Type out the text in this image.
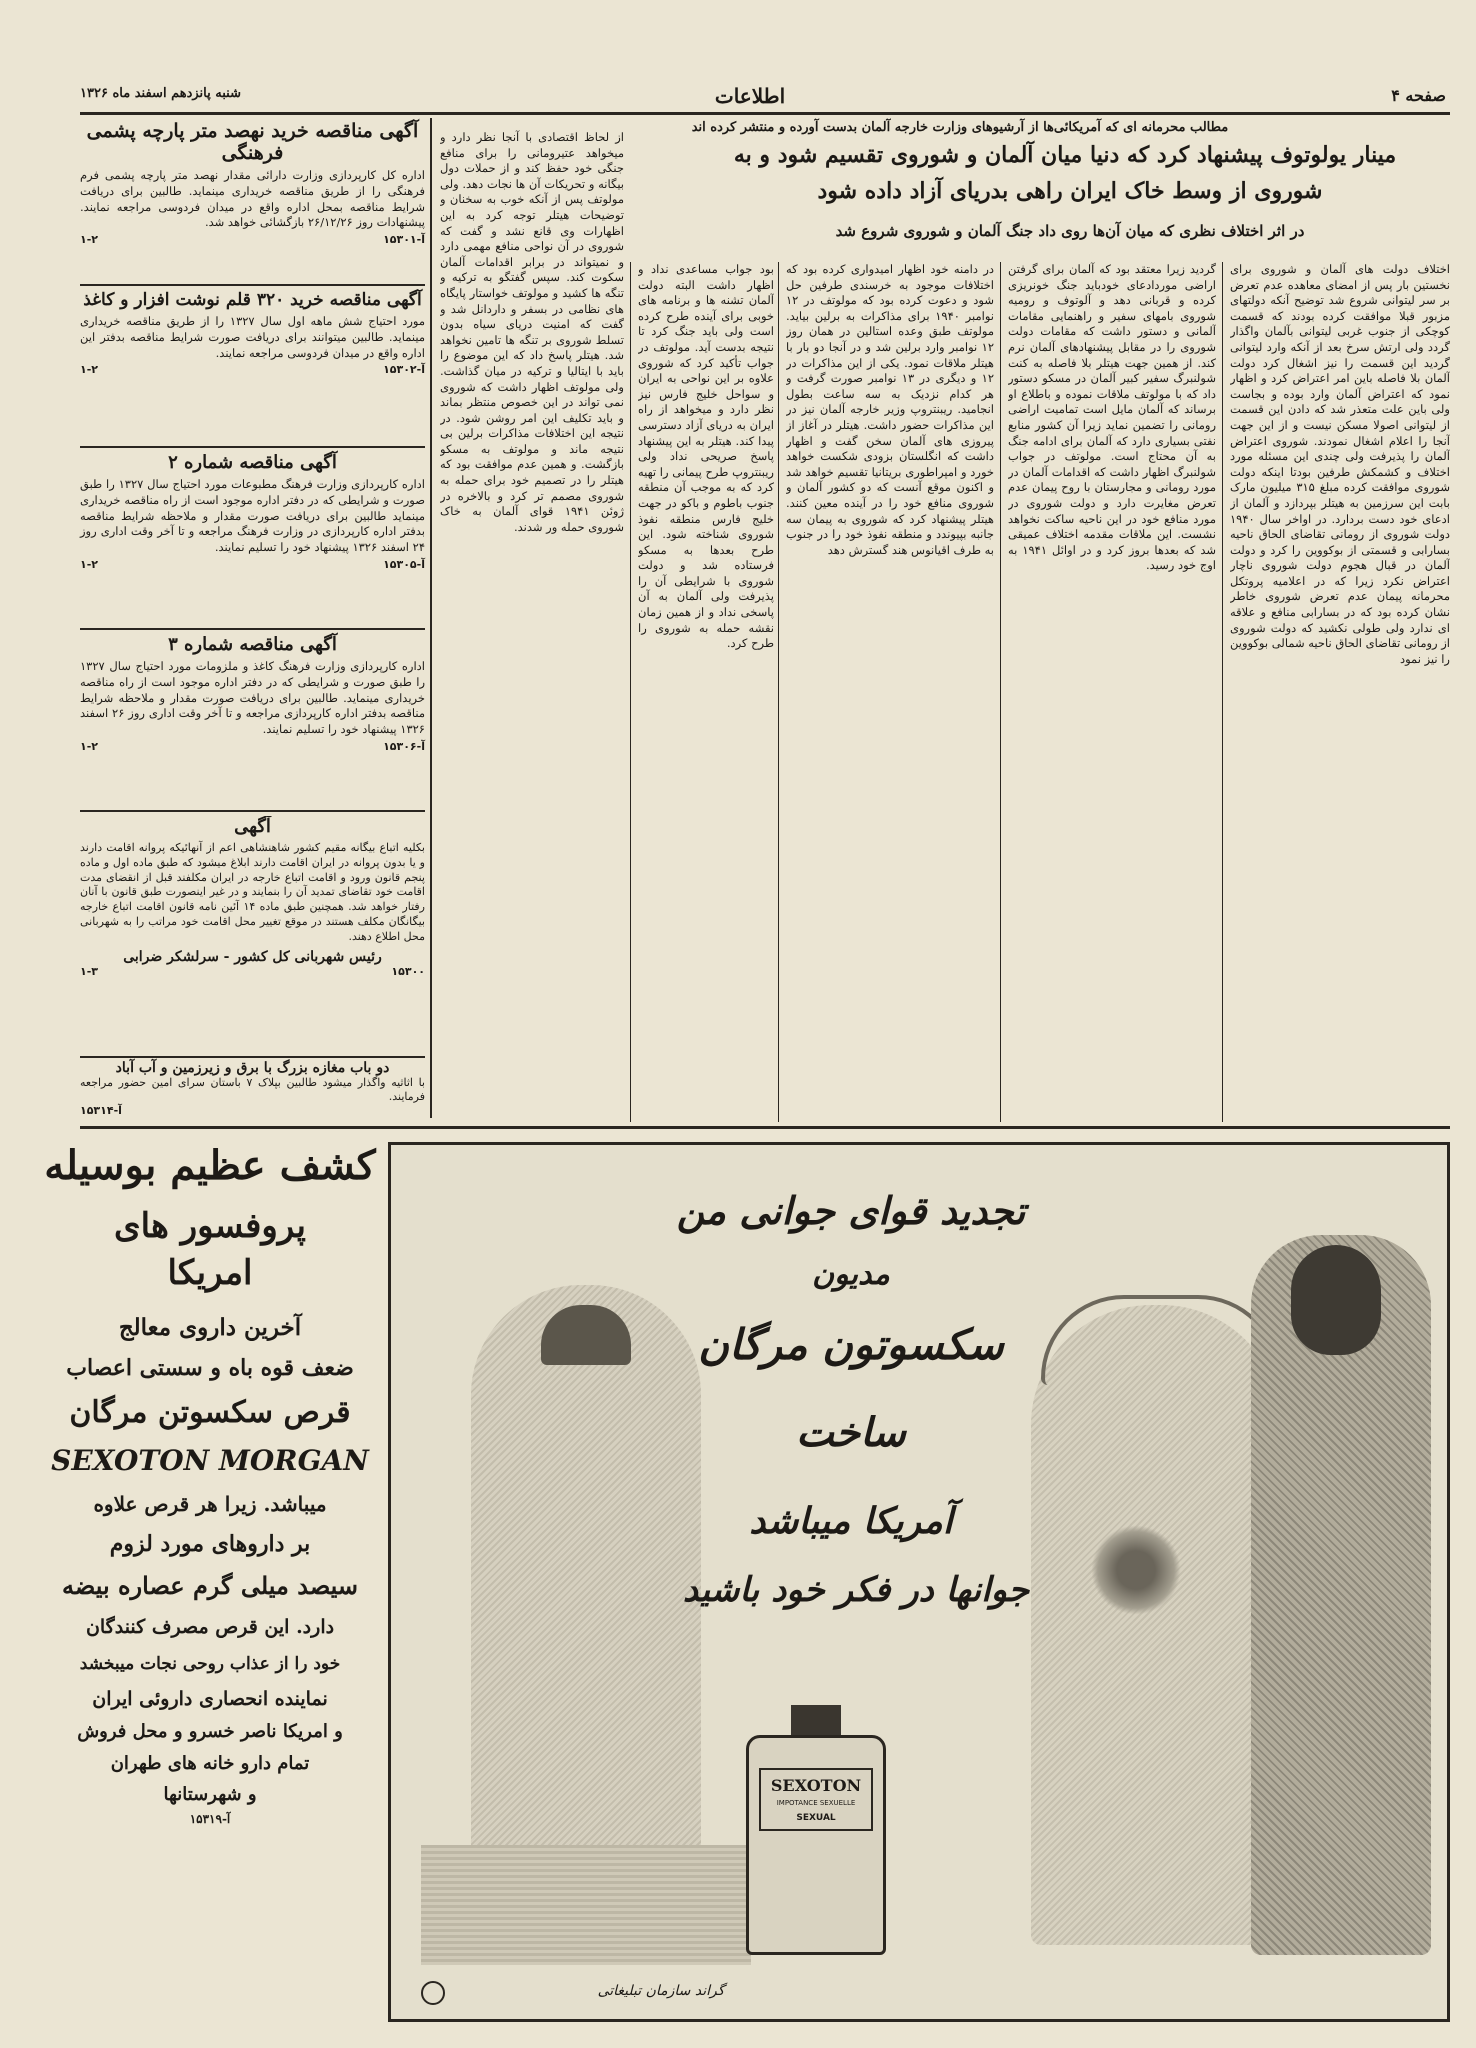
صفحه ۴
اطلاعات
شنبه پانزدهم اسفند ماه ۱۳۲۶
مطالب محرمانه ای که آمریکائی‌ها از آرشیوهای وزارت خارجه آلمان بدست آورده و منتشر کرده اند
مینار یولوتوف پیشنهاد کرد که دنیا میان آلمان و شوروی تقسیم شود و به
شوروی از وسط خاک ایران راهی بدریای آزاد داده شود
در اثر اختلاف نظری که میان آن‌ها روی داد جنگ آلمان و شوروی شروع شد
اختلاف دولت های آلمان و شوروی برای نخستین بار پس از امضای معاهده عدم تعرض بر سر لیتوانی شروع شد توضیح آنکه دولتهای مزبور قبلا موافقت کرده بودند که قسمت کوچکی از جنوب غربی لیتوانی بآلمان واگذار گردد ولی ارتش سرخ بعد از آنکه وارد لیتوانی گردید این قسمت را نیز اشغال کرد دولت آلمان بلا فاصله باین امر اعتراض کرد و اظهار نمود که اعتراض آلمان وارد بوده و بجاست ولی باین علت متعذر شد که دادن این قسمت از لیتوانی اصولا مسکن نیست و از این جهت آنجا را اعلام اشغال نمودند. شوروی اعتراض آلمان را پذیرفت ولی چندی این مسئله مورد اختلاف و کشمکش طرفین بودتا اینکه دولت شوروی موافقت کرده مبلغ ۳۱۵ میلیون مارک بابت این سرزمین به هیتلر بپردازد و آلمان از ادعای خود دست بردارد. در اواخر سال ۱۹۴۰ دولت شوروی از رومانی تقاضای الحاق ناحیه بسارابی و قسمتی از بوکووین را کرد و دولت آلمان در قبال هجوم دولت شوروی ناچار اعتراض نکرد زیرا که در اعلامیه پروتکل محرمانه پیمان عدم تعرض شوروی خاطر نشان کرده بود که در بسارابی منافع و علاقه ای ندارد ولی طولی نکشید که دولت شوروی از رومانی تقاضای الحاق ناحیه شمالی بوکووین را نیز نمود
گردید زیرا معتقد بود که آلمان برای گرفتن اراضی موردادعای خودباید جنگ خونریزی کرده و قربانی دهد و آلوتوف و رومیه شوروی بامهای سفیر و راهنمایی مقامات آلمانی و دستور داشت که مقامات دولت شوروی را در مقابل پیشنهادهای آلمان نرم کند. از همین جهت هیتلر بلا فاصله به کنت شولنبرگ سفیر کبیر آلمان در مسکو دستور داد که با مولوتف ملاقات نموده و باطلاع او برساند که آلمان مایل است تمامیت اراضی رومانی را تضمین نماید زیرا آن کشور منابع نفتی بسیاری دارد که آلمان برای ادامه جنگ به آن محتاج است. مولوتف در جواب شولنبرگ اظهار داشت که اقدامات آلمان در مورد رومانی و مجارستان با روح پیمان عدم تعرض مغایرت دارد و دولت شوروی در مورد منافع خود در این ناحیه ساکت نخواهد نشست. این ملاقات مقدمه اختلاف عمیقی شد که بعدها بروز کرد و در اوائل ۱۹۴۱ به اوج خود رسید.
در دامنه خود اظهار امیدواری کرده بود که اختلافات موجود به خرسندی طرفین حل شود و دعوت کرده بود که مولوتف در ۱۲ نوامبر ۱۹۴۰ برای مذاکرات به برلین بیاید. مولوتف طبق وعده استالین در همان روز ۱۲ نوامبر وارد برلین شد و در آنجا دو بار با هیتلر ملاقات نمود. یکی از این مذاکرات در ۱۲ و دیگری در ۱۳ نوامبر صورت گرفت و هر کدام نزدیک به سه ساعت بطول انجامید. ریبنتروپ وزیر خارجه آلمان نیز در این مذاکرات حضور داشت. هیتلر در آغاز از پیروزی های آلمان سخن گفت و اظهار داشت که انگلستان بزودی شکست خواهد خورد و امپراطوری بریتانیا تقسیم خواهد شد و اکنون موقع آنست که دو کشور آلمان و شوروی منافع خود را در آینده معین کنند. هیتلر پیشنهاد کرد که شوروی به پیمان سه جانبه بپیوندد و منطقه نفوذ خود را در جنوب به طرف اقیانوس هند گسترش دهد
بود جواب مساعدی نداد و اظهار داشت البته دولت آلمان تشنه ها و برنامه های خوبی برای آینده طرح کرده است ولی باید جنگ کرد تا نتیجه بدست آید. مولوتف در جواب تأکید کرد که شوروی علاوه بر این نواحی به ایران و سواحل خلیج فارس نیز نظر دارد و میخواهد از راه ایران به دریای آزاد دسترسی پیدا کند. هیتلر به این پیشنهاد پاسخ صریحی نداد ولی ریبنتروپ طرح پیمانی را تهیه کرد که به موجب آن منطقه جنوب باطوم و باکو در جهت خلیج فارس منطقه نفوذ شوروی شناخته شود. این طرح بعدها به مسکو فرستاده شد و دولت شوروی با شرایطی آن را پذیرفت ولی آلمان به آن پاسخی نداد و از همین زمان نقشه حمله به شوروی را طرح کرد.
از لحاظ اقتصادی با آنجا نظر دارد و میخواهد عتیرومانی را برای منافع جنگی خود حفظ کند و از حملات دول بیگانه و تحریکات آن ها نجات دهد. ولی مولوتف پس از آنکه خوب به سخنان و توضیحات هیتلر توجه کرد به این اظهارات وی قانع نشد و گفت که شوروی در آن نواحی منافع مهمی دارد و نمیتواند در برابر اقدامات آلمان سکوت کند. سپس گفتگو به ترکیه و تنگه ها کشید و مولوتف خواستار پایگاه های نظامی در بسفر و داردانل شد و گفت که امنیت دریای سیاه بدون تسلط شوروی بر تنگه ها تامین نخواهد شد. هیتلر پاسخ داد که این موضوع را باید با ایتالیا و ترکیه در میان گذاشت. ولی مولوتف اظهار داشت که شوروی نمی تواند در این خصوص منتظر بماند و باید تکلیف این امر روشن شود. در نتیجه این اختلافات مذاکرات برلین بی نتیجه ماند و مولوتف به مسکو بازگشت. و همین عدم موافقت بود که هیتلر را در تصمیم خود برای حمله به شوروی مصمم تر کرد و بالاخره در ژوئن ۱۹۴۱ قوای آلمان به خاک شوروی حمله ور شدند.
آگهی مناقصه خرید نهصد متر پارچه پشمی فرهنگی
اداره کل کارپردازی وزارت دارائی مقدار نهصد متر پارچه پشمی فرم فرهنگی را از طریق مناقصه خریداری مینماید. طالبین برای دریافت شرایط مناقصه بمحل اداره واقع در میدان فردوسی مراجعه نمایند. پیشنهادات روز ۲۶/۱۲/۲۶ بازگشائی خواهد شد.
۱-۲	آ-۱۵۳۰۱
آگهی مناقصه خرید ۳۲۰ قلم نوشت افزار و کاغذ
مورد احتیاج شش ماهه اول سال ۱۳۲۷ را از طریق مناقصه خریداری مینماید. طالبین میتوانند برای دریافت صورت شرایط مناقصه بدفتر این اداره واقع در میدان فردوسی مراجعه نمایند.
۱-۲	آ-۱۵۳۰۲
آگهی مناقصه شماره ۲
اداره کارپردازی وزارت فرهنگ مطبوعات مورد احتیاج سال ۱۳۲۷ را طبق صورت و شرایطی که در دفتر اداره موجود است از راه مناقصه خریداری مینماید طالبین برای دریافت صورت مقدار و ملاحظه شرایط مناقصه بدفتر اداره کارپردازی در وزارت فرهنگ مراجعه و تا آخر وقت اداری روز ۲۴ اسفند ۱۳۲۶ پیشنهاد خود را تسلیم نمایند.
۱-۲	آ-۱۵۳۰۵
آگهی مناقصه شماره ۳
اداره کارپردازی وزارت فرهنگ کاغذ و ملزومات مورد احتیاج سال ۱۳۲۷ را طبق صورت و شرایطی که در دفتر اداره موجود است از راه مناقصه خریداری مینماید. طالبین برای دریافت صورت مقدار و ملاحظه شرایط مناقصه بدفتر اداره کارپردازی مراجعه و تا آخر وقت اداری روز ۲۶ اسفند ۱۳۲۶ پیشنهاد خود را تسلیم نمایند.
۱-۲	آ-۱۵۳۰۶
آگهی
بکلیه اتباع بیگانه مقیم کشور شاهنشاهی اعم از آنهائیکه پروانه اقامت دارند و یا بدون پروانه در ایران اقامت دارند ابلاغ میشود که طبق ماده اول و ماده پنجم قانون ورود و اقامت اتباع خارجه در ایران مکلفند قبل از انقضای مدت اقامت خود تقاضای تمدید آن را بنمایند و در غیر اینصورت طبق قانون با آنان رفتار خواهد شد. همچنین طبق ماده ۱۴ آئین نامه قانون اقامت اتباع خارجه بیگانگان مکلف هستند در موقع تغییر محل اقامت خود مراتب را به شهربانی محل اطلاع دهند.
رئیس شهربانی کل کشور - سرلشکر ضرابی
۱-۳	۱۵۳۰۰
دو باب مغازه بزرگ با برق و زیرزمین و آب آباد
با اثاثیه واگذار میشود طالبین بپلاک ۷ باستان سرای امین حضور مراجعه فرمایند.
آ-۱۵۳۱۴
کشف عظیم بوسیله
پروفسور های
امریکا
آخرین داروی معالج
ضعف قوه باه و سستی اعصاب
قرص سکسوتن مرگان
SEXOTON MORGAN
میباشد. زیرا هر قرص علاوه
بر داروهای مورد لزوم
سیصد میلی گرم عصاره بیضه
دارد. این قرص مصرف کنندگان
خود را از عذاب روحی نجات میبخشد
نماینده انحصاری داروئی ایران
و امریکا ناصر خسرو و محل فروش
تمام دارو خانه های طهران
و شهرستانها
آ-۱۵۳۱۹
SEXOTON
IMPOTANCE SEXUELLE
SEXUAL
تجدید قوای جوانی من
مدیون
سکسوتون مرگان
ساخت
آمریکا میباشد
جوانها در فکر خود باشید
گراند سازمان تبلیغاتی
